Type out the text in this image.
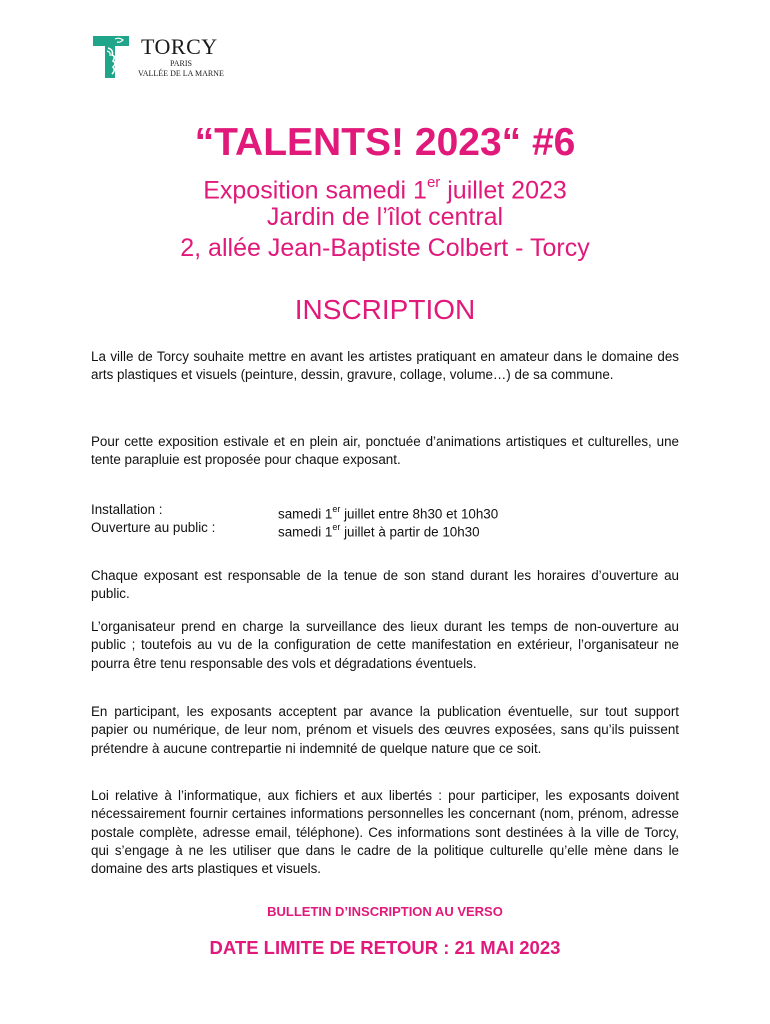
TORCY
PARIS
VALLÉE DE LA MARNE
“TALENTS! 2023“ #6
Exposition samedi 1er juillet 2023
Jardin de l’îlot central
2, allée Jean-Baptiste Colbert - Torcy
INSCRIPTION
La ville de Torcy souhaite mettre en avant les artistes pratiquant en amateur dans le domaine des arts plastiques et visuels (peinture, dessin, gravure, collage, volume…) de sa commune.
Pour cette exposition estivale et en plein air, ponctuée d’animations artistiques et culturelles, une tente parapluie est proposée pour chaque exposant.
Installation :	samedi 1er juillet entre 8h30 et 10h30
Ouverture au public :	samedi 1er juillet à partir de 10h30
Chaque exposant est responsable de la tenue de son stand durant les horaires d’ouverture au public.
L’organisateur prend en charge la surveillance des lieux durant les temps de non-ouverture au public ; toutefois au vu de la configuration de cette manifestation en extérieur, l’organisateur ne pourra être tenu responsable des vols et dégradations éventuels.
En participant, les exposants acceptent par avance la publication éventuelle, sur tout support papier ou numérique, de leur nom, prénom et visuels des œuvres exposées, sans qu’ils puissent prétendre à aucune contrepartie ni indemnité de quelque nature que ce soit.
Loi relative à l’informatique, aux fichiers et aux libertés : pour participer, les exposants doivent nécessairement fournir certaines informations personnelles les concernant (nom, prénom, adresse postale complète, adresse email, téléphone). Ces informations sont destinées à la ville de Torcy, qui s’engage à ne les utiliser que dans le cadre de la politique culturelle qu’elle mène dans le domaine des arts plastiques et visuels.
BULLETIN D’INSCRIPTION AU VERSO
DATE LIMITE DE RETOUR : 21 MAI 2023
